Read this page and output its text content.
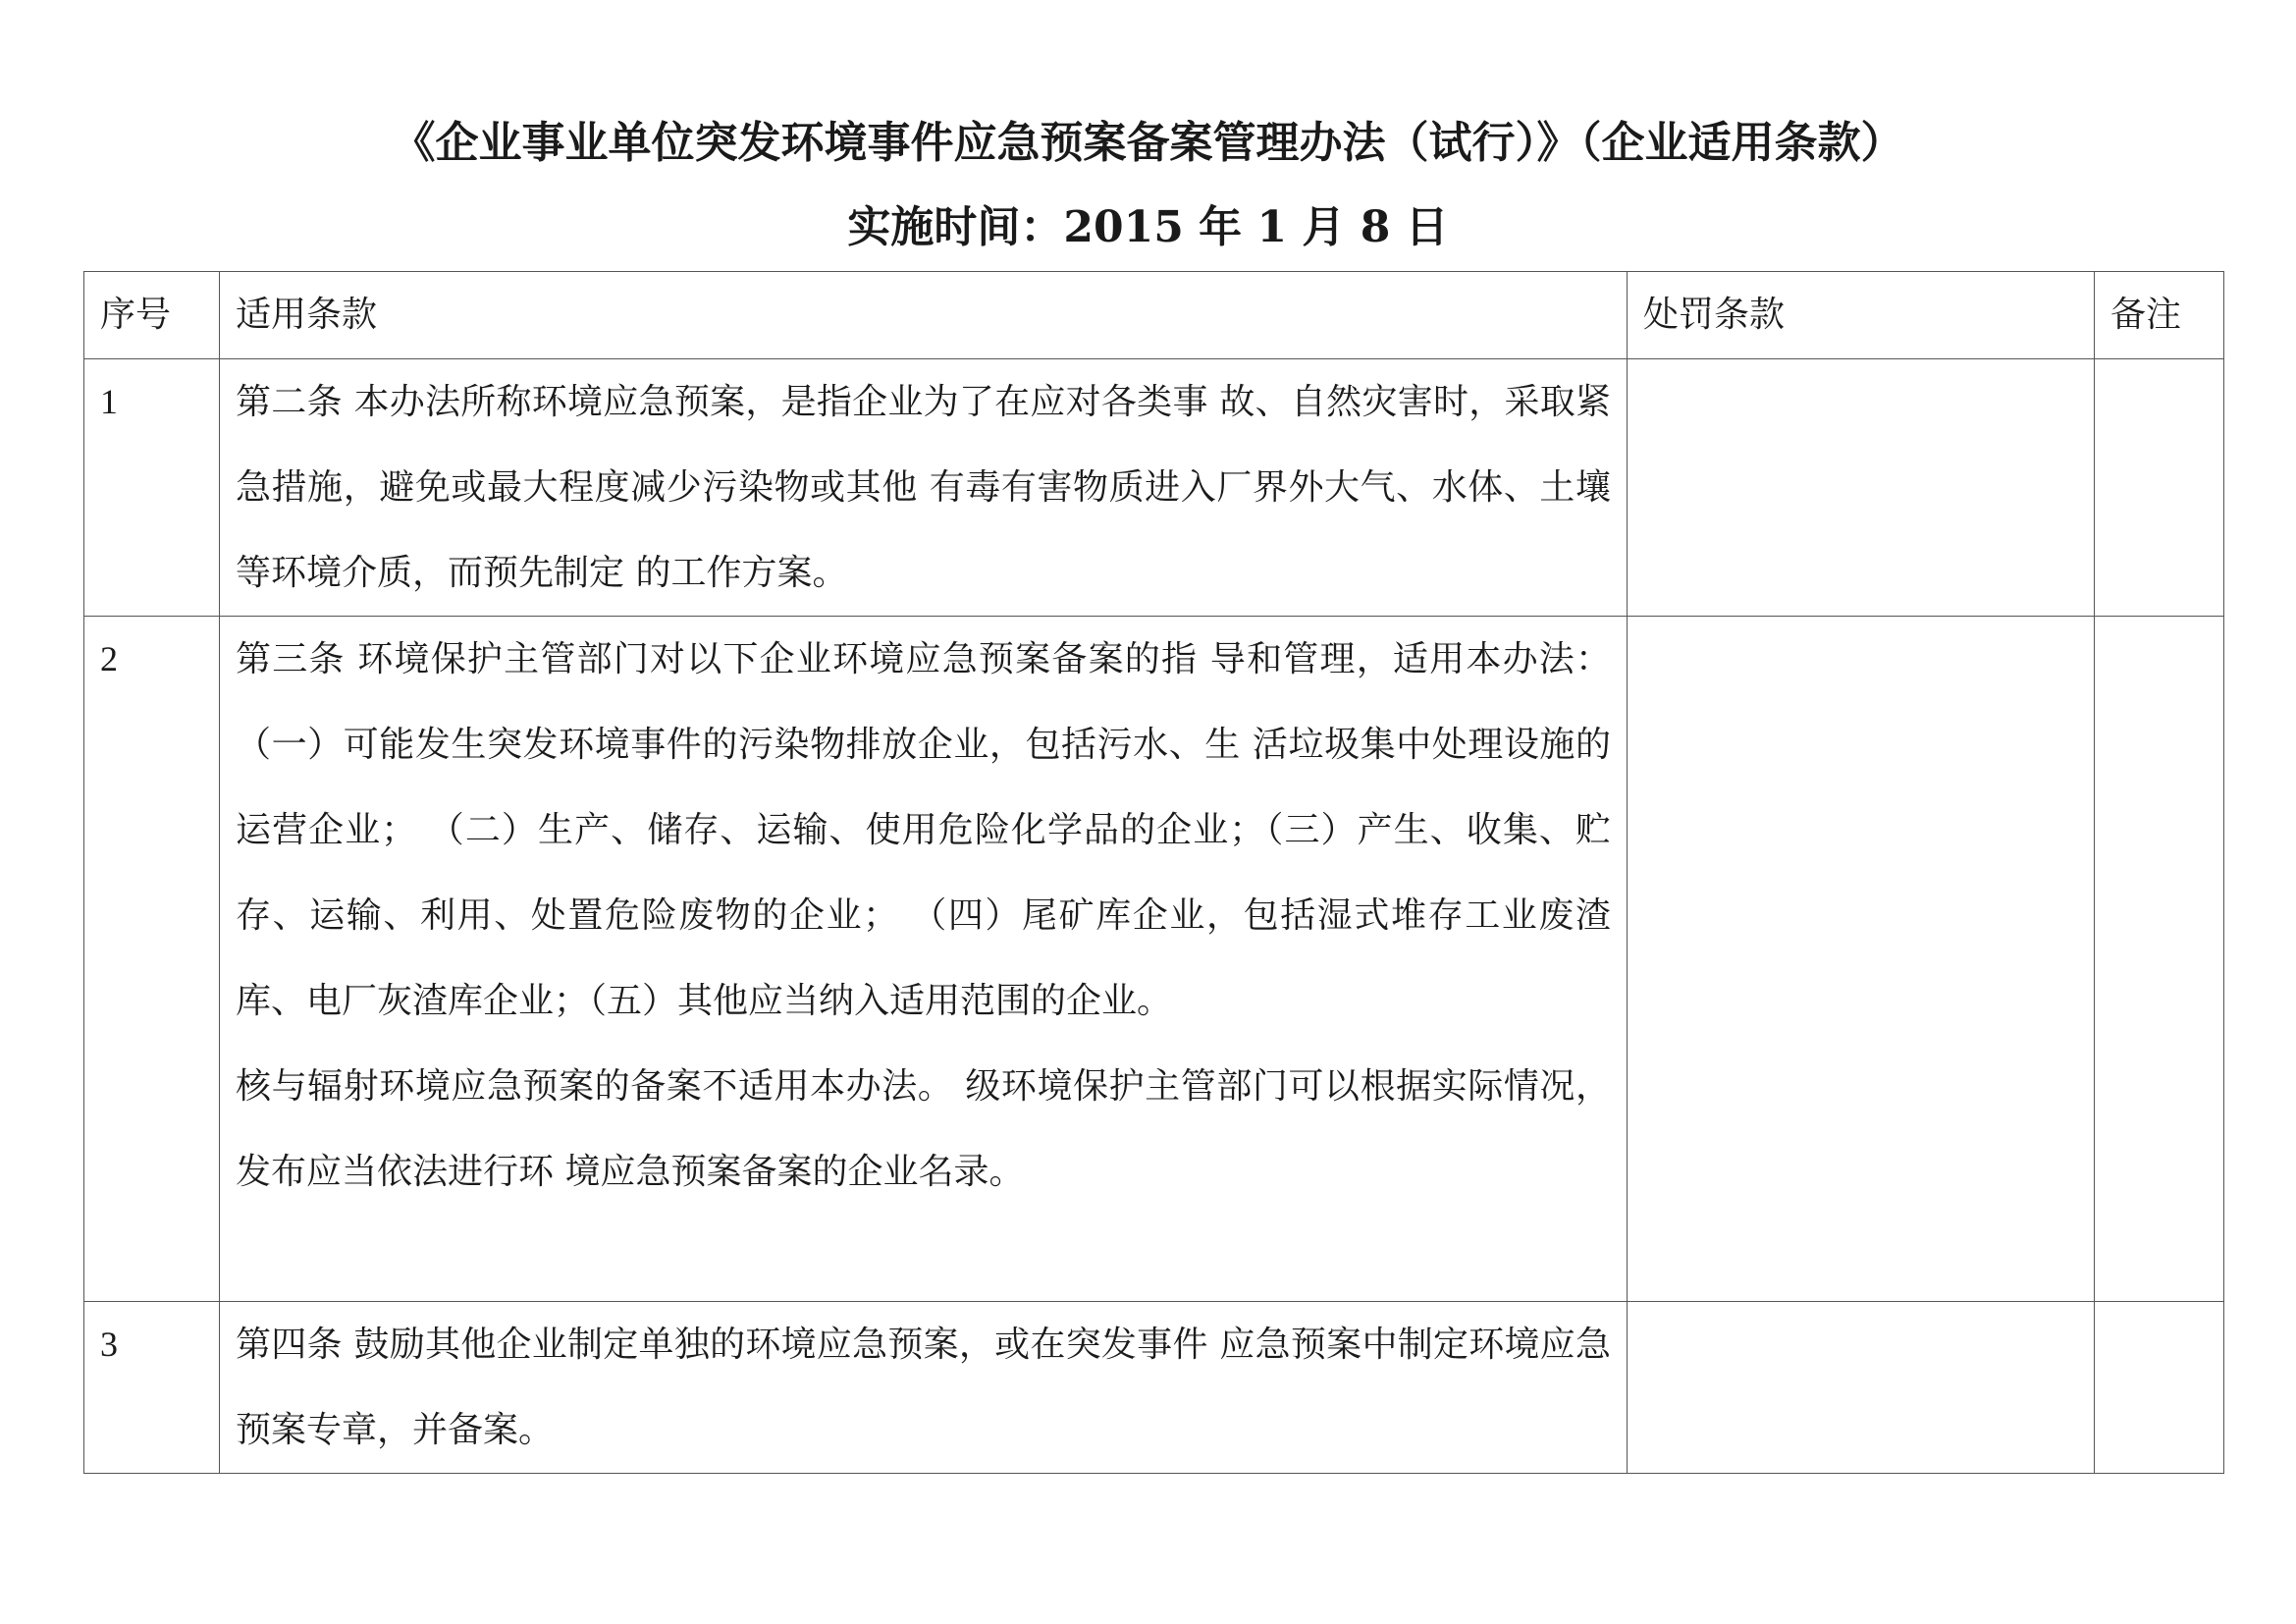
《企业事业单位突发环境事件应急预案备案管理办法（试行）》（企业适用条款）
实施时间：2015 年 1 月 8 日
序号	适用条款	处罚条款	备注
1	第二条 本办法所称环境应急预案，是指企业为了在应对各类事 故、自然灾害时，采取紧急措施，避免或最大程度减少污染物或其他 有毒有害物质进入厂界外大气、水体、土壤等环境介质，而预先制定 的工作方案。		

2	第三条 环境保护主管部门对以下企业环境应急预案备案的指 导和管理，适用本办法：（一）可能发生突发环境事件的污染物排放企业，包括污水、生 活垃圾集中处理设施的运营企业； （二）生产、储存、运输、使用危险化学品的企业；（三）产生、收集、贮存、运输、利用、处置危险废物的企业； （四）尾矿库企业，包括湿式堆存工业废渣库、电厂灰渣库企业；（五）其他应当纳入适用范围的企业。
核与辐射环境应急预案的备案不适用本办法。 级环境保护主管部门可以根据实际情况，发布应当依法进行环 境应急预案备案的企业名录。		

3	第四条 鼓励其他企业制定单独的环境应急预案，或在突发事件 应急预案中制定环境应急预案专章，并备案。		
